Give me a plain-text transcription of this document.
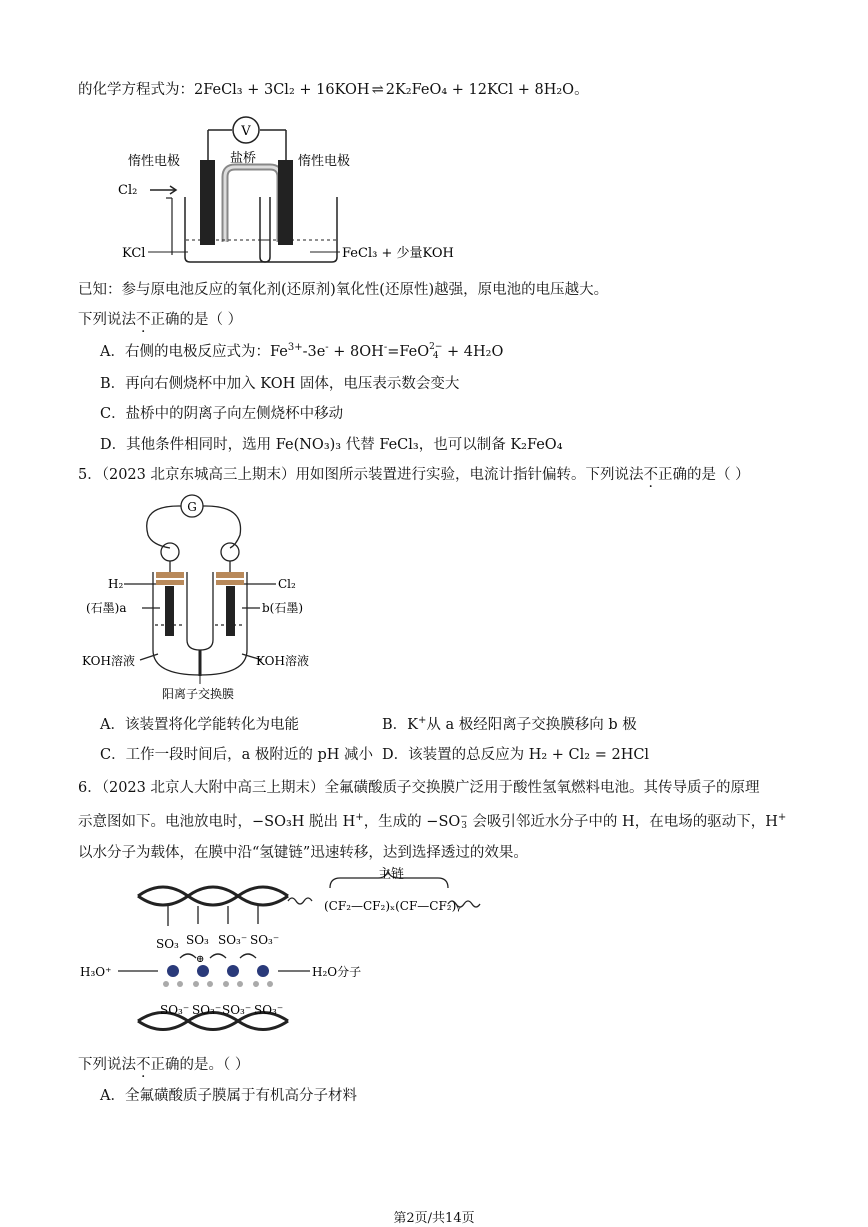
的化学方程式为：2FeCl₃ + 3Cl₂ + 16KOH ⇌ 2K₂FeO₄ + 12KCl + 8H₂O。
V
惰性电极	盐桥	惰性电极
Cl₂
KCl	FeCl₃ + 少量KOH
已知：参与原电池反应的氧化剂(还原剂)氧化性(还原性)越强，原电池的电压越大。
下列说法不正确的是（ ）
A．右侧的电极反应式为：$Fe^{3+}-3e^- + 8OH^-=FeO2-$
4 + 4H₂O
B．再向右侧烧杯中加入 KOH 固体，电压表示数会变大
C．盐桥中的阴离子向左侧烧杯中移动
D．其他条件相同时，选用 Fe(NO₃)₃ 代替 FeCl₃，也可以制备 K₂FeO₄
5．（2023 北京东城高三上期末）用如图所示装置进行实验，电流计指针偏转。下列说法不正确的是（ ）
G
H₂	Cl₂
(石墨)a	b(石墨)
KOH溶液	KOH溶液
阳离子交换膜
A．该装置将化学能转化为电能	B．K+从 a 极经阳离子交换膜移向 b 极
C．工作一段时间后，a 极附近的 pH 减小 D．该装置的总反应为 H₂ + Cl₂ = 2HCl
6．（2023 北京人大附中高三上期末）全氟磺酸质子交换膜广泛用于酸性氢氧燃料电池。其传导质子的原理
示意图如下。电池放电时，−SO₃H 脱出 H+，生成的 −SO−
3 会吸引邻近水分子中的 H，在电场的驱动下，H+
以水分子为载体，在膜中沿“氢键链”迅速转移，达到选择透过的效果。
主链
(CF₂—CF₂)ₓ(CF—CF₂)ᵧ
SO₃ SO₃ SO₃⁻ SO₃⁻
⊕
H₃O⁺	H₂O分子
SO₃⁻ SO₃⁻ SO₃⁻ SO₃⁻
下列说法不正确的是。（ ）
A．全氟磺酸质子膜属于有机高分子材料
第2页/共14页
